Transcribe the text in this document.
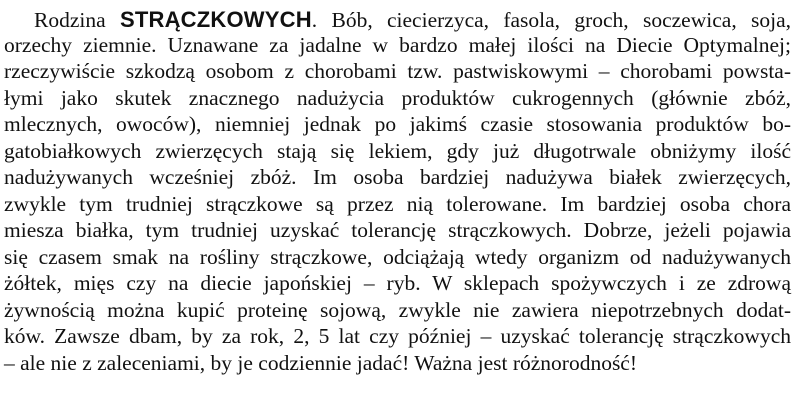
Rodzina STRĄCZKOWYCH. Bób, ciecierzyca, fasola, groch, soczewica, soja,
orzechy ziemnie. Uznawane za jadalne w bardzo małej ilości na Diecie Optymalnej;
rzeczywiście szkodzą osobom z chorobami tzw. pastwiskowymi – chorobami powsta-
łymi jako skutek znacznego nadużycia produktów cukrogennych (głównie zbóż,
mlecznych, owoców), niemniej jednak po jakimś czasie stosowania produktów bo-
gatobiałkowych zwierzęcych stają się lekiem, gdy już długotrwale obniżymy ilość
nadużywanych wcześniej zbóż. Im osoba bardziej nadużywa białek zwierzęcych,
zwykle tym trudniej strączkowe są przez nią tolerowane. Im bardziej osoba chora
miesza białka, tym trudniej uzyskać tolerancję strączkowych. Dobrze, jeżeli pojawia
się czasem smak na rośliny strączkowe, odciążają wtedy organizm od nadużywanych
żółtek, mięs czy na diecie japońskiej – ryb. W sklepach spożywczych i ze zdrową
żywnością można kupić proteinę sojową, zwykle nie zawiera niepotrzebnych dodat-
ków. Zawsze dbam, by za rok, 2, 5 lat czy później – uzyskać tolerancję strączkowych
– ale nie z zaleceniami, by je codziennie jadać! Ważna jest różnorodność!
